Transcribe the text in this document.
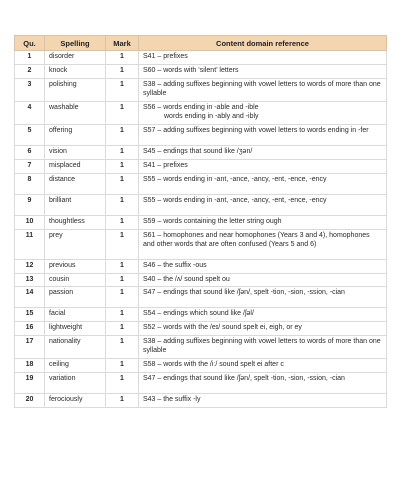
Qu.	Spelling	Mark	Content domain reference
1	disorder	1	S41 – prefixes

2	knock	1	S60 – words with ‘silent’ letters

3	polishing	1	S38 – adding suffixes beginning with vowel letters to words of more than one syllable

4	washable	1	S56 – words ending in -able and -ible
words ending in -ably and -ibly

5	offering	1	S57 – adding suffixes beginning with vowel letters to words ending in -fer

6	vision	1	S45 – endings that sound like /ʒən/

7	misplaced	1	S41 – prefixes

8	distance	1	S55 – words ending in -ant, -ance, -ancy, -ent, -ence, -ency

9	brilliant	1	S55 – words ending in -ant, -ance, -ancy, -ent, -ence, -ency

10	thoughtless	1	S59 – words containing the letter string ough

11	prey	1	S61 – homophones and near homophones (Years 3 and 4), homophones and other words that are often confused (Years 5 and 6)

12	previous	1	S46 – the suffix -ous

13	cousin	1	S40 – the /ʌ/ sound spelt ou

14	passion	1	S47 – endings that sound like /ʃən/, spelt -tion, -sion, -ssion, -cian

15	facial	1	S54 – endings which sound like /ʃəl/

16	lightweight	1	S52 – words with the /eɪ/ sound spelt ei, eigh, or ey

17	nationality	1	S38 – adding suffixes beginning with vowel letters to words of more than one syllable

18	ceiling	1	S58 – words with the /iː/ sound spelt ei after c

19	variation	1	S47 – endings that sound like /ʃən/, spelt -tion, -sion, -ssion, -cian

20	ferociously	1	S43 – the suffix -ly
